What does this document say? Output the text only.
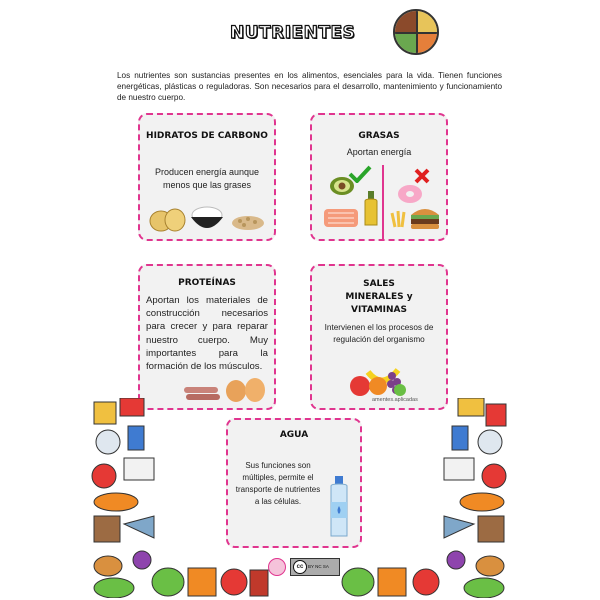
NUTRIENTES

Los nutrientes son sustancias presentes en los alimentos, esenciales para la vida. Tienen funciones energéticas, plásticas o reguladoras. Son necesarios para el desarrollo, mantenimiento y funcionamiento de nuestro cuerpo.

HIDRATOS DE CARBONO
Producen energía aunque menos que las grases
GRASAS
Aportan energía
PROTEÍNAS
Aportan los materiales de construcción necesarios para crecer y para reparar nuestro cuerpo. Muy importantes para la formación de los músculos.
SALES MINERALES y VITAMINAS
Intervienen el los procesos de regulación del organismo
amentes.aplicadas
AGUA
Sus funciones son múltiples, permite el transporte de nutrientes a las células.
cc	BY NC SA
